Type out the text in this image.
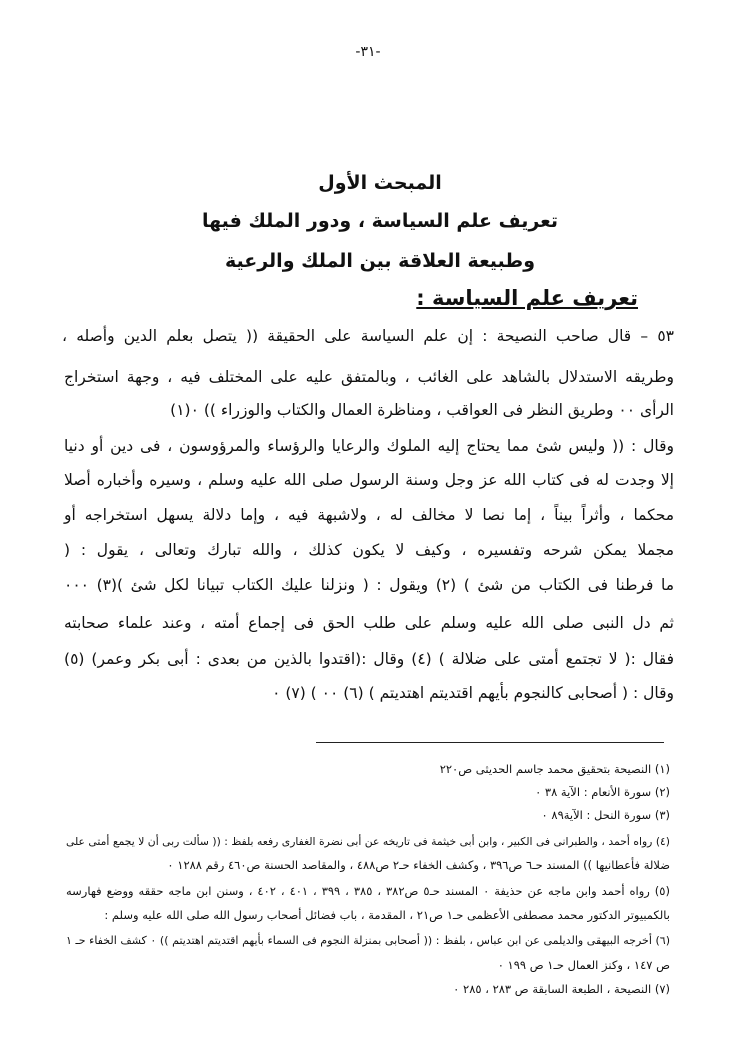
-٣١-
المبحث الأول
تعريف علم السياسة ، ودور الملك فيها
وطبيعة العلاقة بين الملك والرعية
تعريف علم السياسة :
٥٣ – قال صاحب النصيحة : إن علم السياسة على الحقيقة (( يتصل بعلم الدين وأصله ،
وطريقه الاستدلال بالشاهد على الغائب ، وبالمتفق عليه على المختلف فيه ، وجهة استخراج
الرأى ٠٠ وطريق النظر فى العواقب ، ومناظرة العمال والكتاب والوزراء )) ٠(١)
وقال : (( وليس شئ مما يحتاج إليه الملوك والرعايا والرؤساء والمرؤوسون ، فى دين أو دنيا
إلا وجدت له فى كتاب الله عز وجل وسنة الرسول صلى الله عليه وسلم ، وسيره وأخباره أصلا
محكما ، وأثراً بيناً ، إما نصا لا مخالف له ، ولاشبهة فيه ، وإما دلالة يسهل استخراجه أو
مجملا يمكن شرحه وتفسيره ، وكيف لا يكون كذلك ، والله تبارك وتعالى ، يقول : (
ما فرطنا فى الكتاب من شئ ) (٢) ويقول : ( ونزلنا عليك الكتاب تبيانا لكل شئ )(٣) ٠٠٠
ثم دل النبى صلى الله عليه وسلم على طلب الحق فى إجماع أمته ، وعند علماء صحابته
فقال :( لا تجتمع أمتى على ضلالة ) (٤) وقال :(اقتدوا بالذين من بعدى : أبى بكر وعمر) (٥)
وقال : ( أصحابى كالنجوم بأيهم اقتديتم اهتديتم ) (٦) ٠٠ ) (٧) ٠
(١) النصيحة بتحقيق محمد جاسم الحديثى ص٢٢٠
(٢) سورة الأنعام : الآية ٣٨ ٠
(٣) سورة النحل : الآية٨٩ ٠
(٤) رواه أحمد ، والطبرانى فى الكبير ، وابن أبى خيثمة فى تاريخه عن أبى نضرة الغفارى رفعه بلفظ : (( سألت ربى أن لا يجمع أمتى على
ضلالة فأعطانيها )) المسند حـ٦ ص٣٩٦ ، وكشف الخفاء حـ٢ ص٤٨٨ ، والمقاصد الحسنة ص٤٦٠ رقم ١٢٨٨ ٠
(٥) رواه أحمد وابن ماجه عن حذيفة ٠ المسند حـ٥ ص٣٨٢ ، ٣٨٥ ، ٣٩٩ ، ٤٠١ ، ٤٠٢ ، وسنن ابن ماجه حققه ووضع فهارسه
بالكمبيوتر الدكتور محمد مصطفى الأعظمى حـ١ ص٢١ ، المقدمة ، باب فضائل أصحاب رسول الله صلى الله عليه وسلم :
(٦) أخرجه البيهقى والديلمى عن ابن عباس ، بلفظ : (( أصحابى بمنزلة النجوم فى السماء بأيهم اقتديتم اهتديتم )) ٠ كشف الخفاء حـ ١
ص ١٤٧ ، وكنز العمال حـ١ ص ١٩٩ ٠
(٧) النصيحة ، الطبعة السابقة ص ٢٨٣ ، ٢٨٥ ٠
